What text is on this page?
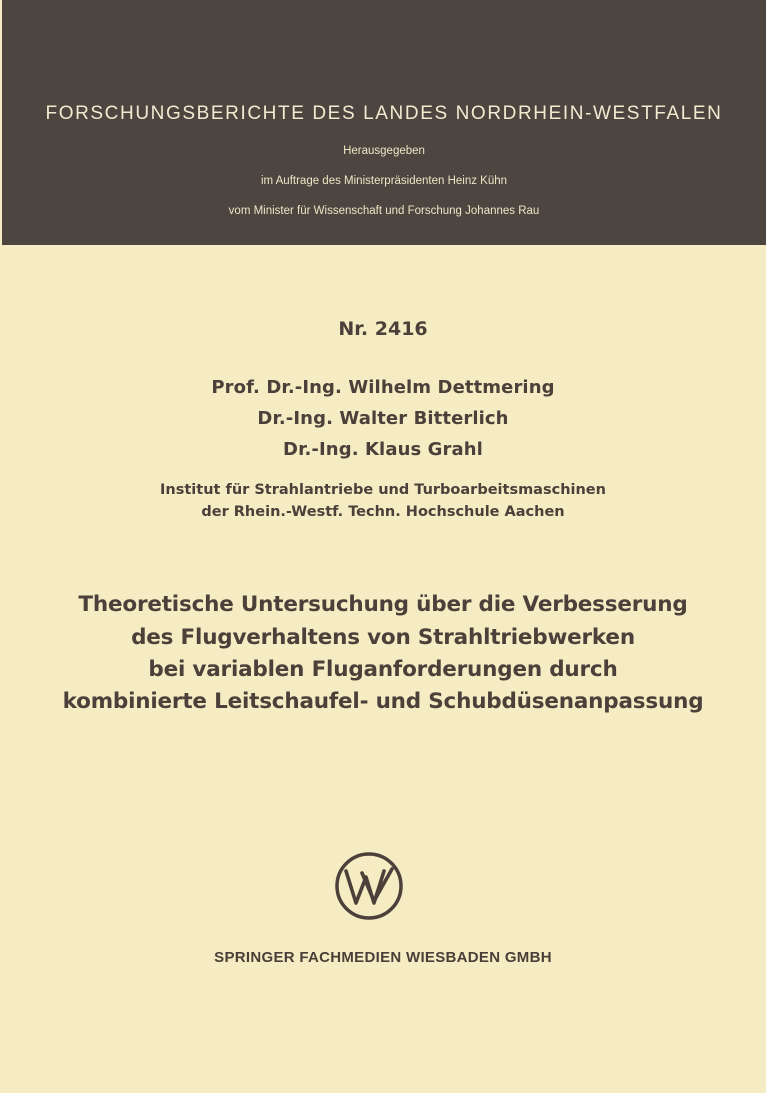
FORSCHUNGSBERICHTE DES LANDES NORDRHEIN-WESTFALEN
Herausgegeben
im Auftrage des Ministerpräsidenten Heinz Kühn
vom Minister für Wissenschaft und Forschung Johannes Rau
Nr. 2416
Prof. Dr.-Ing. Wilhelm Dettmering
Dr.-Ing. Walter Bitterlich
Dr.-Ing. Klaus Grahl
Institut für Strahlantriebe und Turboarbeitsmaschinen
der Rhein.-Westf. Techn. Hochschule Aachen
Theoretische Untersuchung über die Verbesserung
des Flugverhaltens von Strahltriebwerken
bei variablen Fluganforderungen durch
kombinierte Leitschaufel- und Schubdüsenanpassung
SPRINGER FACHMEDIEN WIESBADEN GMBH
